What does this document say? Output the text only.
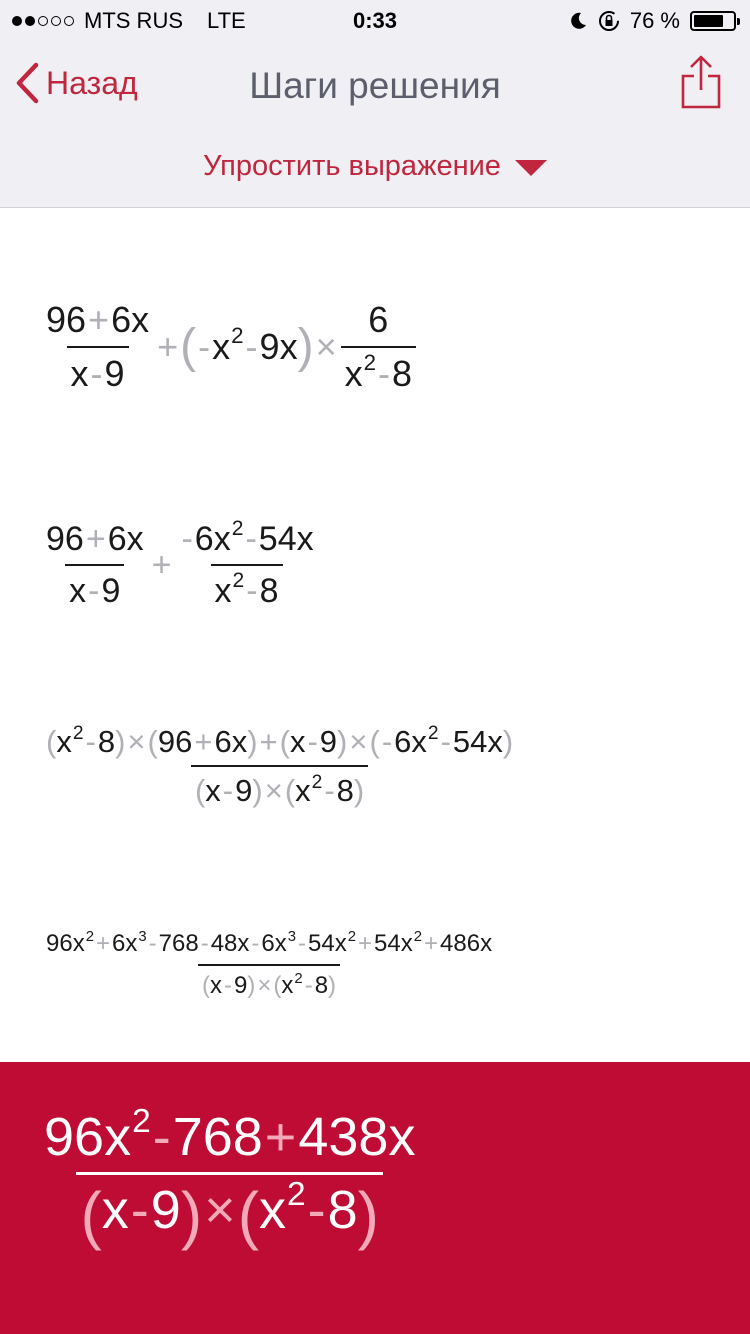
MTS RUS LTE	0:33	76 %
Назад	Шаги решения
Упростить выражение
$\frac{96 + 6x}{x - 9}$ + ( - $x^2 - 9x$ ) × $\frac{6}{x^2 - 8}$
$\frac{96 + 6x}{x - 9} + \frac{- 6x^2 - 54x}{x^2 - 8}$
( $x^2 - 8$ ) × ( 96 + 6x ) + ( x - 9 ) × ( - $6x^2 - 54x$ )
( x - 9 ) × ( $x^2 - 8$ )
$\frac{96x^2 + 6x^3 - 768 - 48x - 6x^3 - 54x^2 + 54x^2 + 486x}{( x - 9 ) \times ( x^2 - 8 )}$
$\frac{96x^2 - 768 + 438x}{( x - 9 ) \times ( x^2 - 8 )}$
